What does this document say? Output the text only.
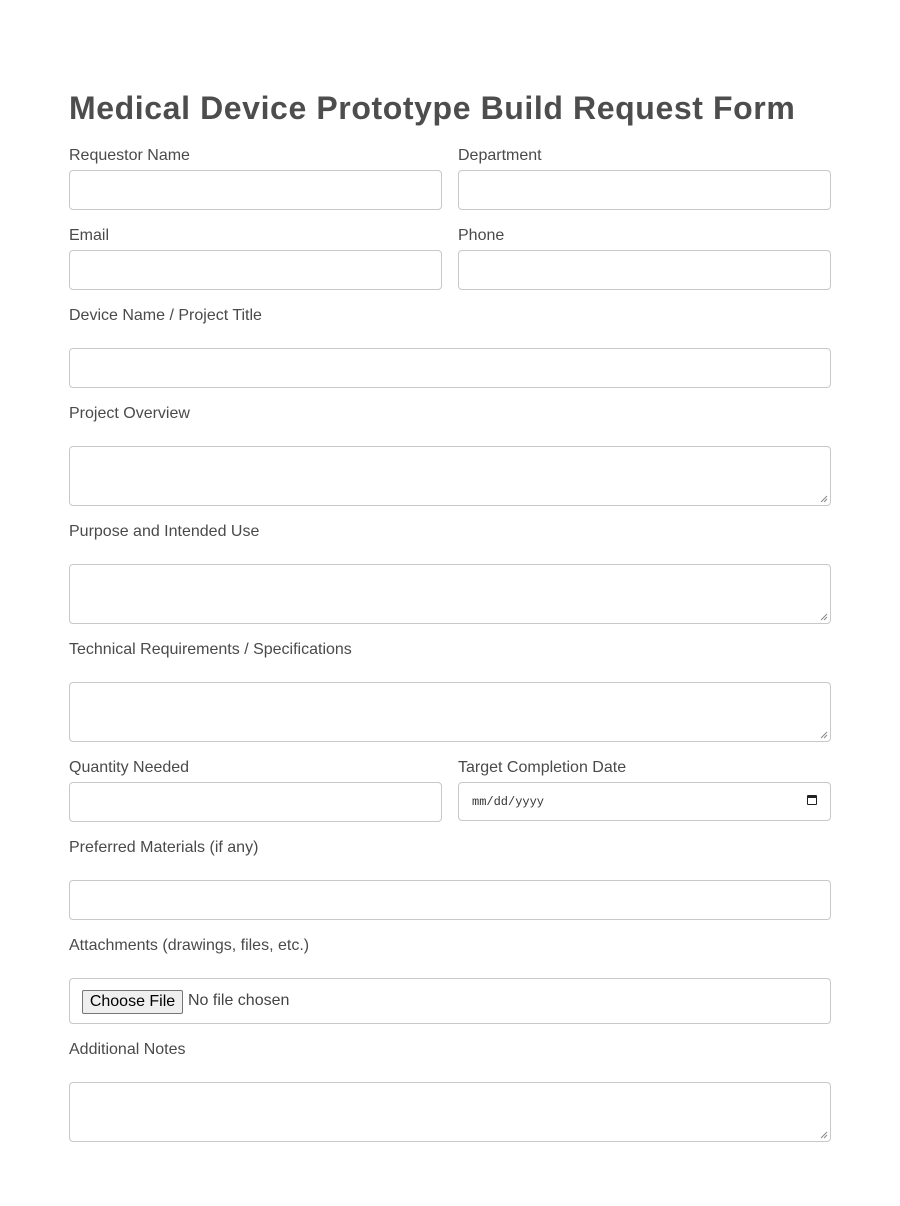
Medical Device Prototype Build Request Form
Requestor Name	Department
Email	Phone
Device Name / Project Title
Project Overview
Purpose and Intended Use
Technical Requirements / Specifications
Quantity Needed	Target Completion Date
mm/dd/yyyy
Preferred Materials (if any)
Attachments (drawings, files, etc.)
Choose File No file chosen
Additional Notes
